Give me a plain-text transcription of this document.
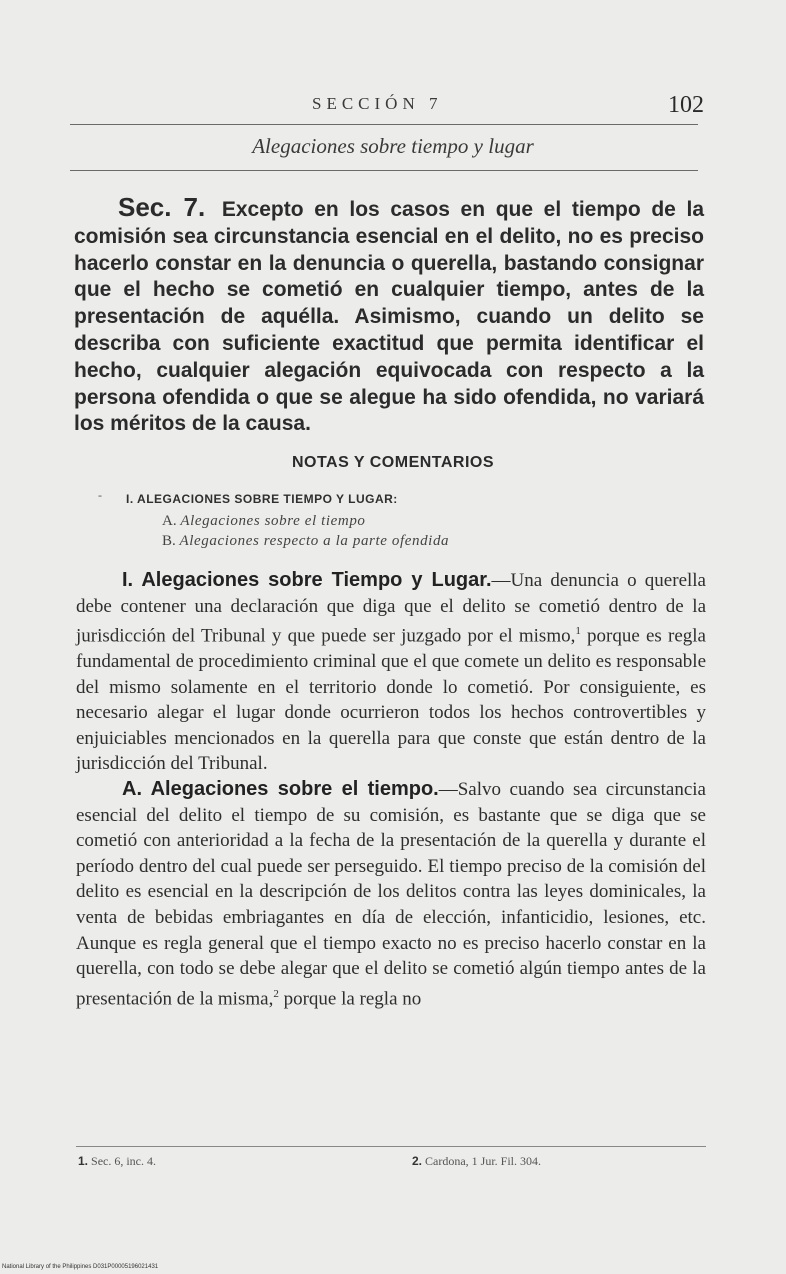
SECCIÓN 7	102
Alegaciones sobre tiempo y lugar
Sec. 7. Excepto en los casos en que el tiempo de la comisión sea circunstancia esencial en el delito, no es preciso hacerlo constar en la denuncia o querella, bastando consignar que el hecho se cometió en cualquier tiempo, antes de la presentación de aquélla. Asimismo, cuando un delito se describa con suficiente exactitud que permita identificar el hecho, cualquier alegación equivocada con respecto a la persona ofendida o que se alegue ha sido ofendida, no variará los méritos de la causa.
NOTAS Y COMENTARIOS
- I. ALEGACIONES SOBRE TIEMPO Y LUGAR:
A. Alegaciones sobre el tiempo
B. Alegaciones respecto a la parte ofendida

I. Alegaciones sobre Tiempo y Lugar.—Una denuncia o querella debe contener una declaración que diga que el delito se cometió dentro de la jurisdicción del Tribunal y que puede ser juzgado por el mismo,$^1$ porque es regla fundamental de procedimiento criminal que el que comete un delito es responsable del mismo solamente en el territorio donde lo cometió. Por consiguiente, es necesario alegar el lugar donde ocurrieron todos los hechos controvertibles y enjuiciables mencionados en la querella para que conste que están dentro de la jurisdicción del Tribunal.

A. Alegaciones sobre el tiempo.—Salvo cuando sea circunstancia esencial del delito el tiempo de su comisión, es bastante que se diga que se cometió con anterioridad a la fecha de la presentación de la querella y durante el período dentro del cual puede ser perseguido. El tiempo preciso de la comisión del delito es esencial en la descripción de los delitos contra las leyes dominicales, la venta de bebidas embriagantes en día de elección, infanticidio, lesiones, etc. Aunque es regla general que el tiempo exacto no es preciso hacerlo constar en la querella, con todo se debe alegar que el delito se cometió algún tiempo antes de la presentación de la misma,$^2$ porque la regla no

1. Sec. 6, inc. 4.	2. Cardona, 1 Jur. Fil. 304.
National Library of the Philippines D031P00005196021431
